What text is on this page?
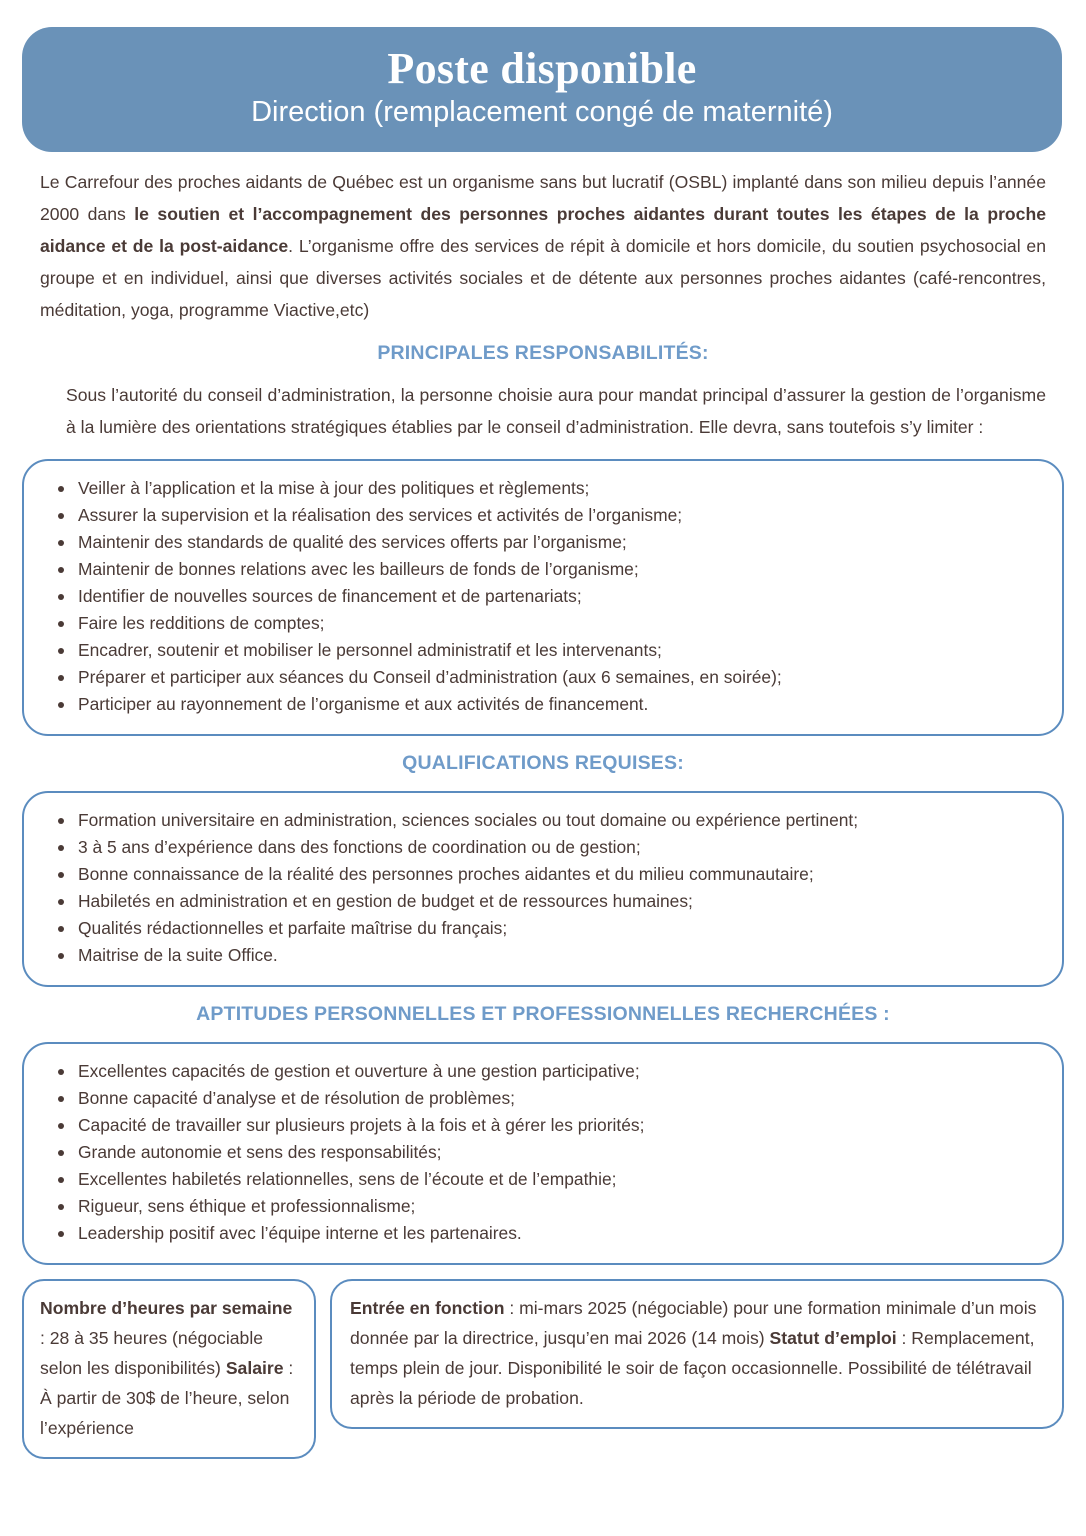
Poste disponible
Direction (remplacement congé de maternité)

Le Carrefour des proches aidants de Québec est un organisme sans but lucratif (OSBL) implanté dans son milieu depuis l’année 2000 dans le soutien et l’accompagnement des personnes proches aidantes durant toutes les étapes de la proche aidance et de la post-aidance. L’organisme offre des services de répit à domicile et hors domicile, du soutien psychosocial en groupe et en individuel, ainsi que diverses activités sociales et de détente aux personnes proches aidantes (café-rencontres, méditation, yoga, programme Viactive,etc)

PRINCIPALES RESPONSABILITÉS:

Sous l’autorité du conseil d’administration, la personne choisie aura pour mandat principal d’assurer la gestion de l’organisme à la lumière des orientations stratégiques établies par le conseil d’administration. Elle devra, sans toutefois s’y limiter :

Veiller à l’application et la mise à jour des politiques et règlements;
Assurer la supervision et la réalisation des services et activités de l’organisme;
Maintenir des standards de qualité des services offerts par l’organisme;
Maintenir de bonnes relations avec les bailleurs de fonds de l’organisme;
Identifier de nouvelles sources de financement et de partenariats;
Faire les redditions de comptes;
Encadrer, soutenir et mobiliser le personnel administratif et les intervenants;
Préparer et participer aux séances du Conseil d’administration (aux 6 semaines, en soirée);
Participer au rayonnement de l’organisme et aux activités de financement.
QUALIFICATIONS REQUISES:
Formation universitaire en administration, sciences sociales ou tout domaine ou expérience pertinent;
3 à 5 ans d’expérience dans des fonctions de coordination ou de gestion;
Bonne connaissance de la réalité des personnes proches aidantes et du milieu communautaire;
Habiletés en administration et en gestion de budget et de ressources humaines;
Qualités rédactionnelles et parfaite maîtrise du français;
Maitrise de la suite Office.
APTITUDES PERSONNELLES ET PROFESSIONNELLES RECHERCHÉES :
Excellentes capacités de gestion et ouverture à une gestion participative;
Bonne capacité d’analyse et de résolution de problèmes;
Capacité de travailler sur plusieurs projets à la fois et à gérer les priorités;
Grande autonomie et sens des responsabilités;
Excellentes habiletés relationnelles, sens de l’écoute et de l’empathie;
Rigueur, sens éthique et professionnalisme;
Leadership positif avec l’équipe interne et les partenaires.
Nombre d’heures par semaine : 28 à 35 heures (négociable selon les disponibilités) Salaire : À partir de 30$ de l’heure, selon l’expérience
Entrée en fonction : mi-mars 2025 (négociable) pour une formation minimale d’un mois donnée par la directrice, jusqu’en mai 2026 (14 mois) Statut d’emploi : Remplacement, temps plein de jour. Disponibilité le soir de façon occasionnelle. Possibilité de télétravail après la période de probation.
